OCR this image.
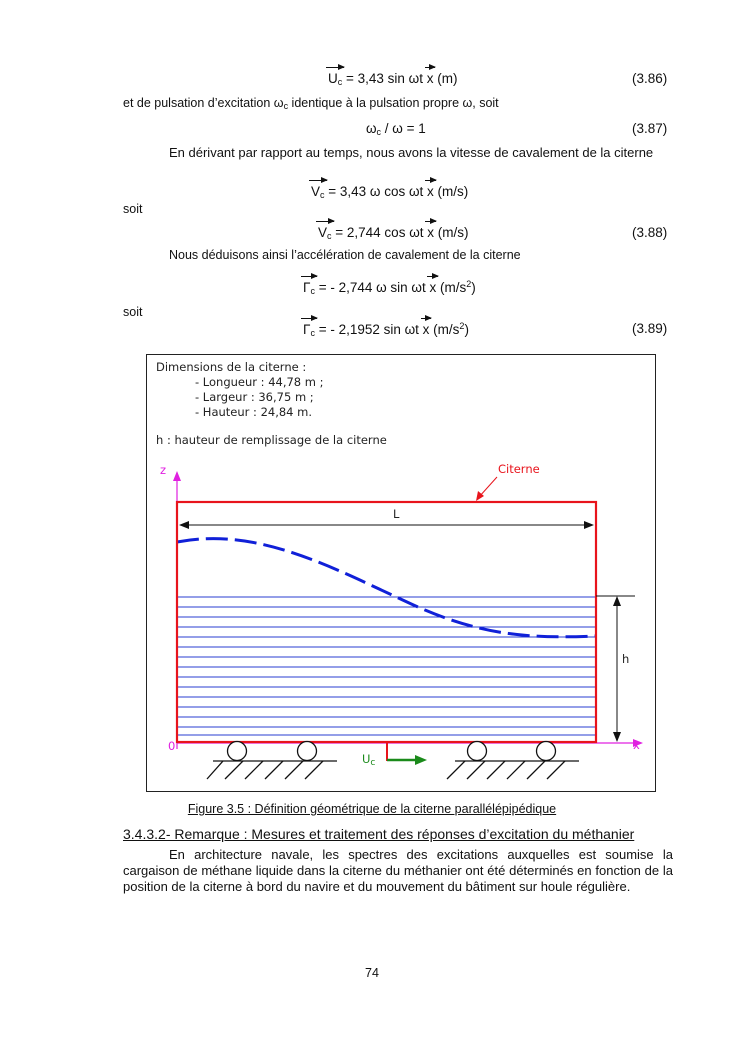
$U_c = 3,43$ sin ωt x (m)	(3.86)
et de pulsation d’excitation $\omega_c$ identique à la pulsation propre ω, soit
$\omega_c / \omega = 1$	(3.87)
En dérivant par rapport au temps, nous avons la vitesse de cavalement de la citerne
$V_c = 3,43$ ω cos ωt x (m/s)
soit
$V_c = 2,744$ cos ωt x (m/s)	(3.88)
Nous déduisons ainsi l’accélération de cavalement de la citerne
$\Gamma_c$ = - 2,744 ω sin ωt x $(m/s^2)$
soit
$\Gamma_c$ = - 2,1952 sin ωt x $(m/s^2)$	(3.89)
Dimensions de la citerne :
- Longueur : 44,78 m ;
- Largeur : 36,75 m ;
- Hauteur : 24,84 m.
h : hauteur de remplissage de la citerne
z
x
0
Citerne
L
h
$U_c$
Figure 3.5 : Définition géométrique de la citerne parallélépipédique
3.4.3.2- Remarque : Mesures et traitement des réponses d’excitation du méthanier
En architecture navale, les spectres des excitations auxquelles est soumise la cargaison de méthane liquide dans la citerne du méthanier ont été déterminés en fonction de la position de la citerne à bord du navire et du mouvement du bâtiment sur houle régulière.
74
